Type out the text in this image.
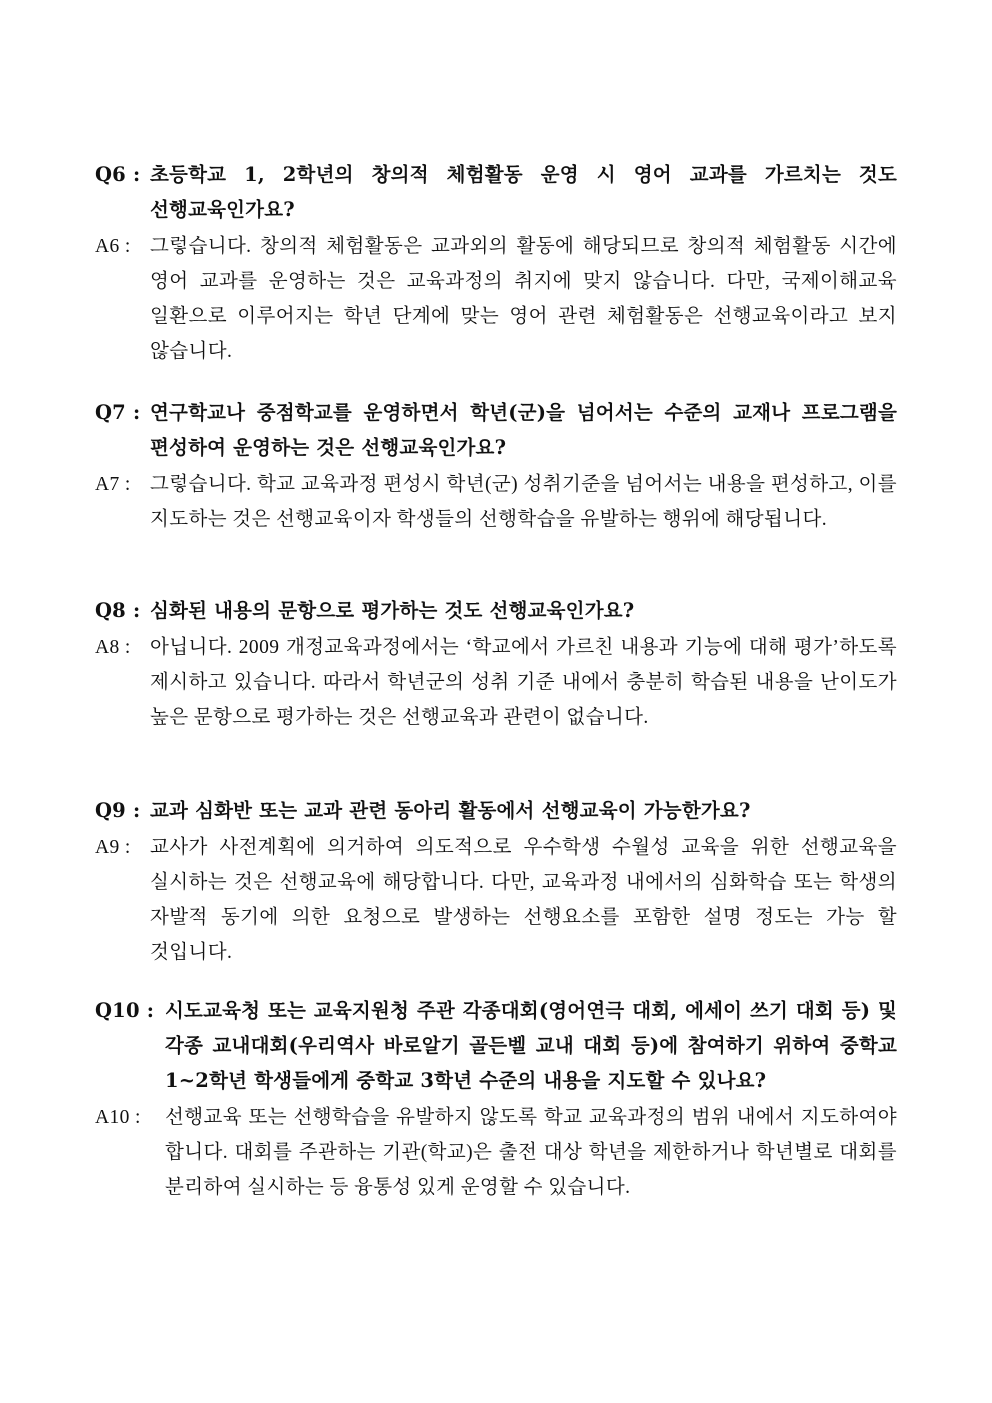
Q6 : 초등학교 1, 2학년의 창의적 체험활동 운영 시 영어 교과를 가르치는 것도 선행교육인가요?
A6 : 그렇습니다. 창의적 체험활동은 교과외의 활동에 해당되므로 창의적 체험활동 시간에 영어 교과를 운영하는 것은 교육과정의 취지에 맞지 않습니다. 다만, 국제이해교육 일환으로 이루어지는 학년 단계에 맞는 영어 관련 체험활동은 선행교육이라고 보지 않습니다.
Q7 : 연구학교나 중점학교를 운영하면서 학년(군)을 넘어서는 수준의 교재나 프로그램을 편성하여 운영하는 것은 선행교육인가요?
A7 : 그렇습니다. 학교 교육과정 편성시 학년(군) 성취기준을 넘어서는 내용을 편성하고, 이를 지도하는 것은 선행교육이자 학생들의 선행학습을 유발하는 행위에 해당됩니다.
Q8 : 심화된 내용의 문항으로 평가하는 것도 선행교육인가요?
A8 : 아닙니다. 2009 개정교육과정에서는 ‘학교에서 가르친 내용과 기능에 대해 평가’하도록 제시하고 있습니다. 따라서 학년군의 성취 기준 내에서 충분히 학습된 내용을 난이도가 높은 문항으로 평가하는 것은 선행교육과 관련이 없습니다.
Q9 : 교과 심화반 또는 교과 관련 동아리 활동에서 선행교육이 가능한가요?
A9 : 교사가 사전계획에 의거하여 의도적으로 우수학생 수월성 교육을 위한 선행교육을 실시하는 것은 선행교육에 해당합니다. 다만, 교육과정 내에서의 심화학습 또는 학생의 자발적 동기에 의한 요청으로 발생하는 선행요소를 포함한 설명 정도는 가능 할 것입니다.
Q10 : 시도교육청 또는 교육지원청 주관 각종대회(영어연극 대회, 에세이 쓰기 대회 등) 및 각종 교내대회(우리역사 바로알기 골든벨 교내 대회 등)에 참여하기 위하여 중학교 1~2학년 학생들에게 중학교 3학년 수준의 내용을 지도할 수 있나요?
A10 :	선행교육 또는 선행학습을 유발하지 않도록 학교 교육과정의 범위 내에서 지도하여야 합니다. 대회를 주관하는 기관(학교)은 출전 대상 학년을 제한하거나 학년별로 대회를 분리하여 실시하는 등 융통성 있게 운영할 수 있습니다.
